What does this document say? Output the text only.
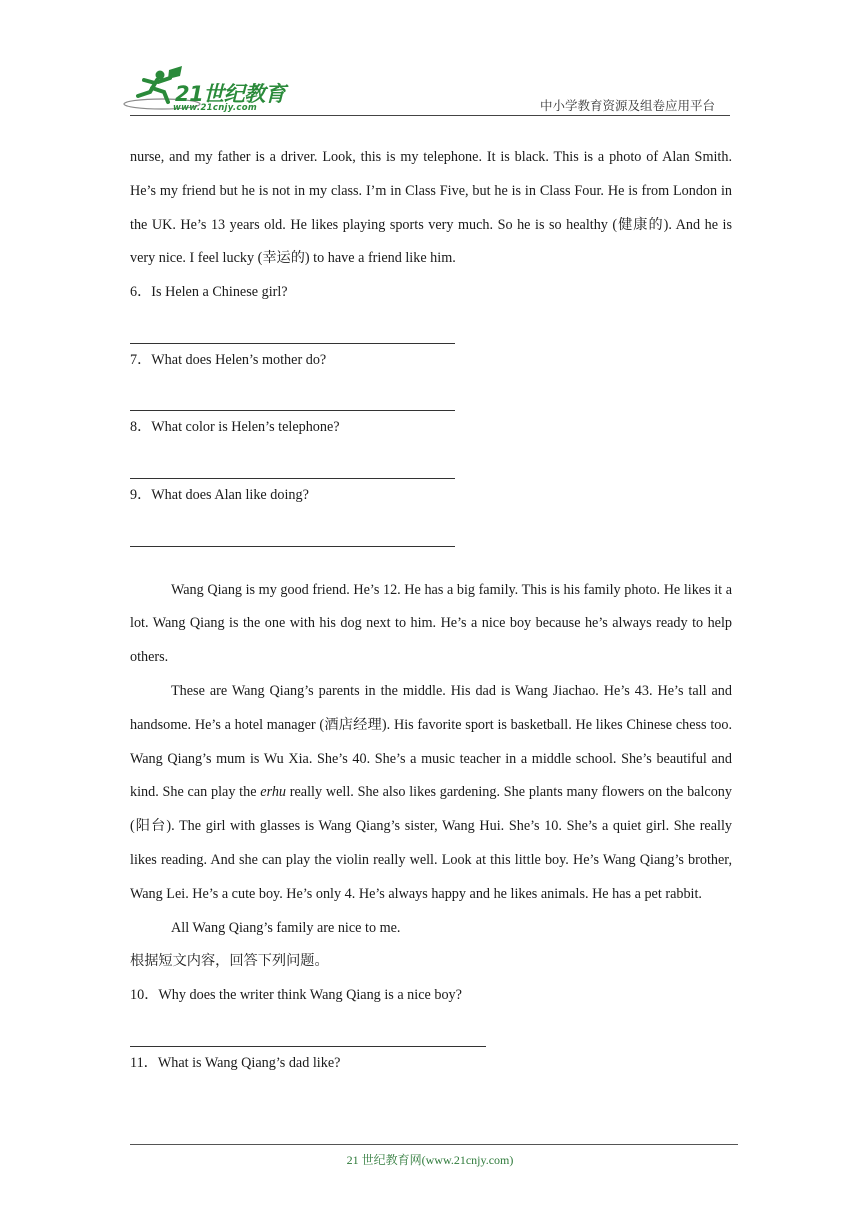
21世纪教育
www.21cnjy.com	中小学教育资源及组卷应用平台

nurse, and my father is a driver. Look, this is my telephone. It is black. This is a photo of Alan Smith. He’s my friend but he is not in my class. I’m in Class Five, but he is in Class Four. He is from London in the UK. He’s 13 years old. He likes playing sports very much. So he is so healthy (健康的). And he is very nice. I feel lucky (幸运的) to have a friend like him.

6．Is Helen a Chinese girl?

7．What does Helen’s mother do?

8．What color is Helen’s telephone?

9．What does Alan like doing?

Wang Qiang is my good friend. He’s 12. He has a big family. This is his family photo. He likes it a lot. Wang Qiang is the one with his dog next to him. He’s a nice boy because he’s always ready to help others.

These are Wang Qiang’s parents in the middle. His dad is Wang Jiachao. He’s 43. He’s tall and handsome. He’s a hotel manager (酒店经理). His favorite sport is basketball. He likes Chinese chess too. Wang Qiang’s mum is Wu Xia. She’s 40. She’s a music teacher in a middle school. She’s beautiful and kind. She can play the erhu really well. She also likes gardening. She plants many flowers on the balcony (阳台). The girl with glasses is Wang Qiang’s sister, Wang Hui. She’s 10. She’s a quiet girl. She really likes reading. And she can play the violin really well. Look at this little boy. He’s Wang Qiang’s brother, Wang Lei. He’s a cute boy. He’s only 4. He’s always happy and he likes animals. He has a pet rabbit.

All Wang Qiang’s family are nice to me.

根据短文内容，回答下列问题。

10．Why does the writer think Wang Qiang is a nice boy?

11．What is Wang Qiang’s dad like?

21 世纪教育网(www.21cnjy.com)
